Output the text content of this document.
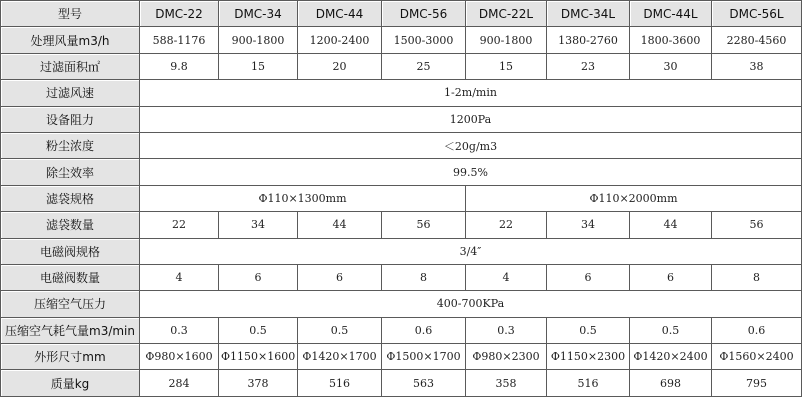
型号	DMC-22	DMC-34	DMC-44	DMC-56	DMC-22L	DMC-34L	DMC-44L	DMC-56L
处理风量m3/h	588-1176	900-1800	1200-2400	1500-3000	900-1800	1380-2760	1800-3600	2280-4560
过滤面积㎡	9.8	15	20	25	15	23	30	38
过滤风速	1-2m/min							
设备阻力	1200Pa							
粉尘浓度	＜20g/m3							
除尘效率	99.5%							
滤袋规格	Φ110×1300mm				Φ110×2000mm			
滤袋数量	22	34	44	56	22	34	44	56
电磁阀规格	3/4″							
电磁阀数量	4	6	6	8	4	6	6	8
压缩空气压力	400-700KPa							
压缩空气耗气量m3/min	0.3	0.5	0.5	0.6	0.3	0.5	0.5	0.6
外形尺寸mm	Φ980×1600	Φ1150×1600	Φ1420×1700	Φ1500×1700	Φ980×2300	Φ1150×2300	Φ1420×2400	Φ1560×2400
质量kg	284	378	516	563	358	516	698	795
